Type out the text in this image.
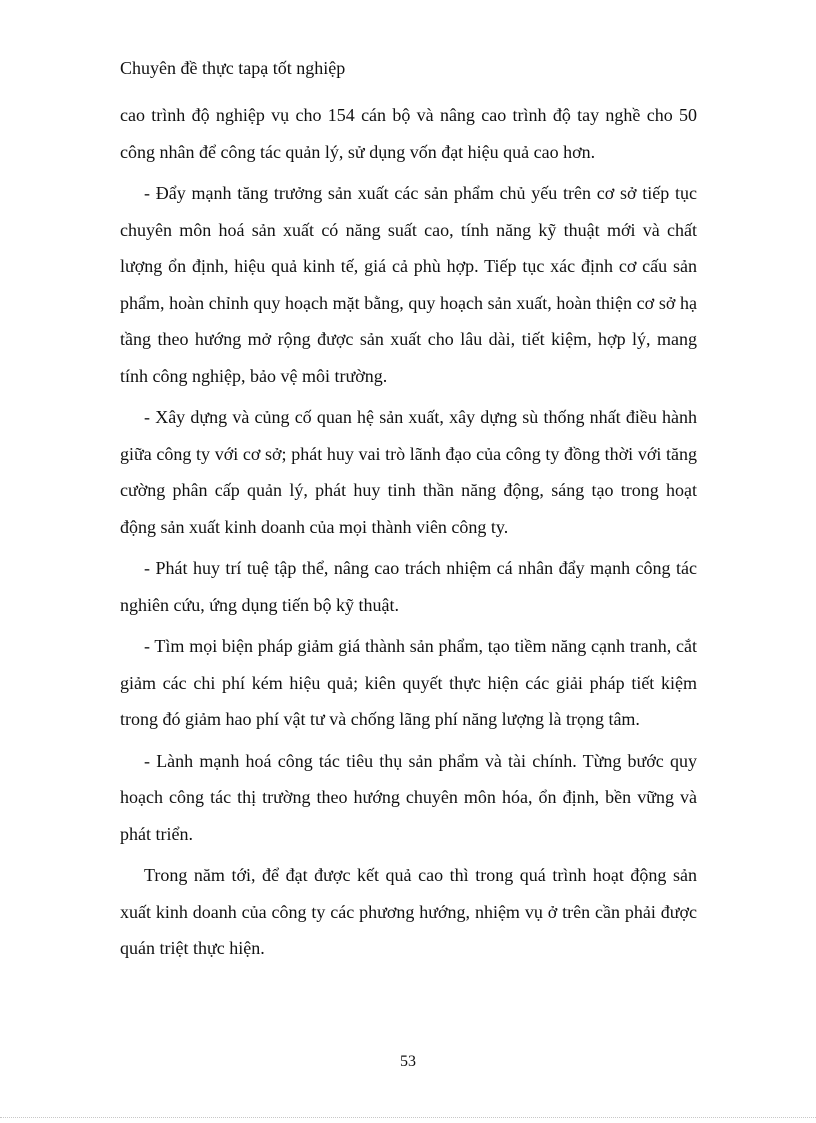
Chuyên đề thực tapạ tốt nghiệp

cao trình độ nghiệp vụ cho 154 cán bộ và nâng cao trình độ tay nghề cho 50 công nhân để công tác quản lý, sử dụng vốn đạt hiệu quả cao hơn.

- Đẩy mạnh tăng trưởng sản xuất các sản phẩm chủ yếu trên cơ sở tiếp tục chuyên môn hoá sản xuất có năng suất cao, tính năng kỹ thuật mới và chất lượng ổn định, hiệu quả kinh tế, giá cả phù hợp. Tiếp tục xác định cơ cấu sản phẩm, hoàn chỉnh quy hoạch mặt bằng, quy hoạch sản xuất, hoàn thiện cơ sở hạ tầng theo hướng mở rộng được sản xuất cho lâu dài, tiết kiệm, hợp lý, mang tính công nghiệp, bảo vệ môi trường.

- Xây dựng và củng cố quan hệ sản xuất, xây dựng sù thống nhất điều hành giữa công ty với cơ sở; phát huy vai trò lãnh đạo của công ty đồng thời với tăng cường phân cấp quản lý, phát huy tinh thần năng động, sáng tạo trong hoạt động sản xuất kinh doanh của mọi thành viên công ty.

- Phát huy trí tuệ tập thể, nâng cao trách nhiệm cá nhân đẩy mạnh công tác nghiên cứu, ứng dụng tiến bộ kỹ thuật.

- Tìm mọi biện pháp giảm giá thành sản phẩm, tạo tiềm năng cạnh tranh, cắt giảm các chi phí kém hiệu quả; kiên quyết thực hiện các giải pháp tiết kiệm trong đó giảm hao phí vật tư và chống lãng phí năng lượng là trọng tâm.

- Lành mạnh hoá công tác tiêu thụ sản phẩm và tài chính. Từng bước quy hoạch công tác thị trường theo hướng chuyên môn hóa, ổn định, bền vững và phát triển.

Trong năm tới, để đạt được kết quả cao thì trong quá trình hoạt động sản xuất kinh doanh của công ty các phương hướng, nhiệm vụ ở trên cần phải được quán triệt thực hiện.

53
